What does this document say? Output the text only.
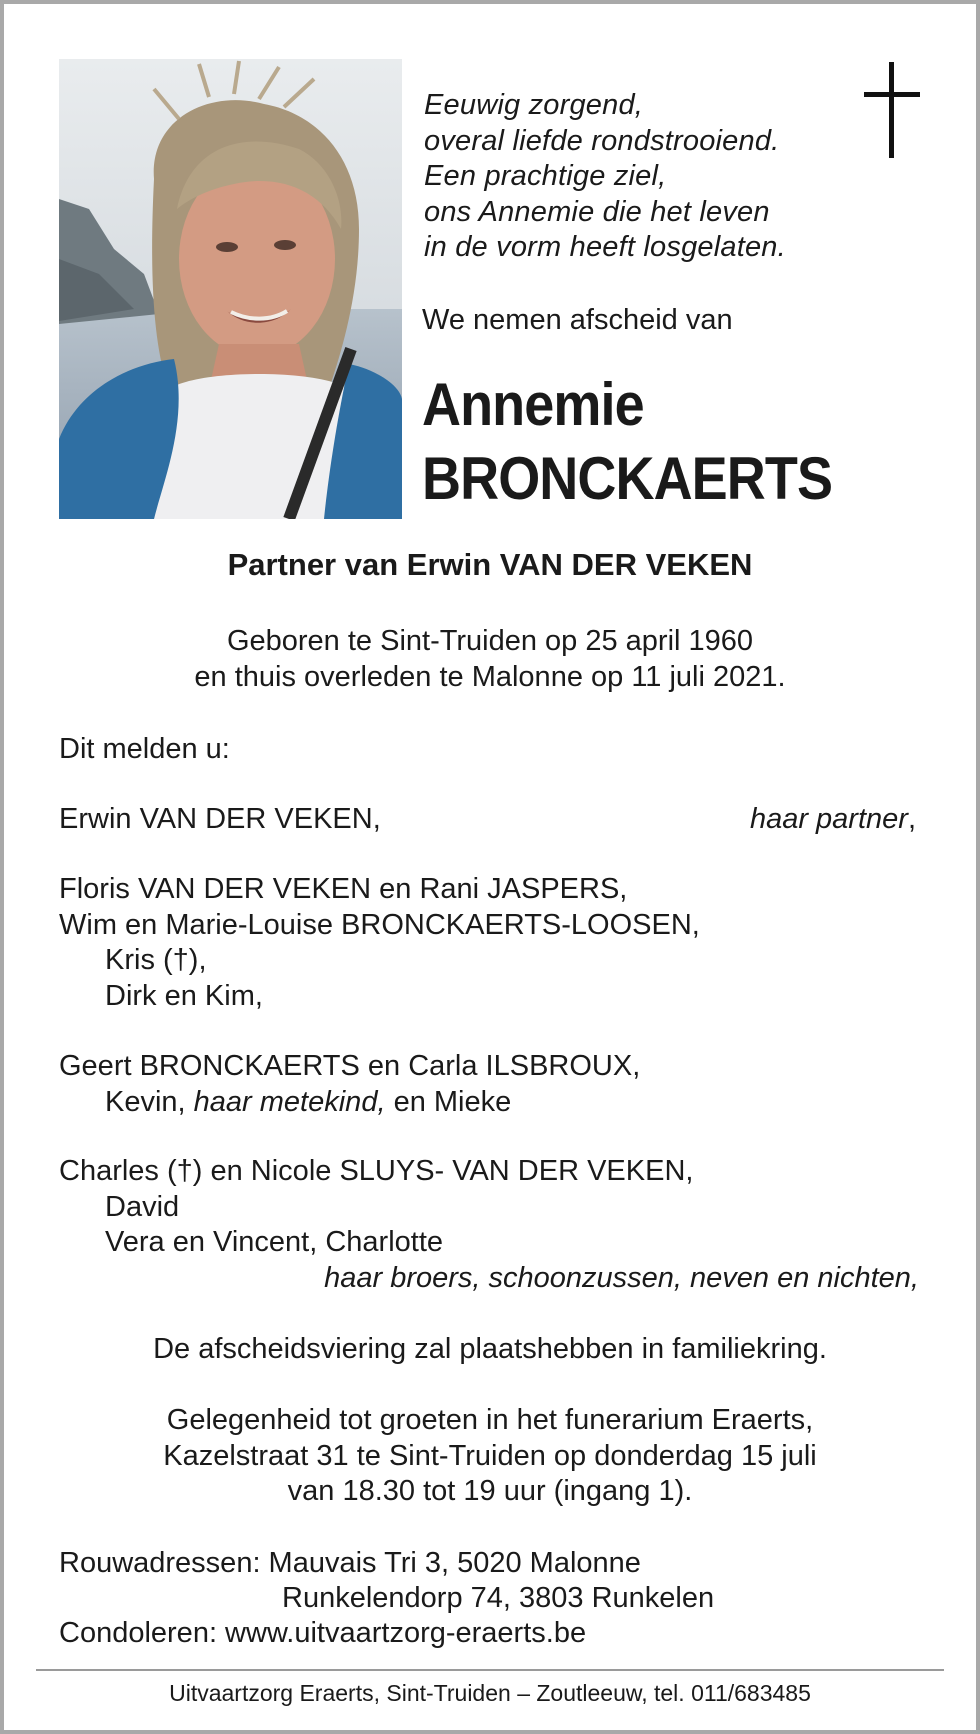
Eeuwig zorgend,
overal liefde rondstrooiend.
Een prachtige ziel,
ons Annemie die het leven
in de vorm heeft losgelaten.
We nemen afscheid van
Annemie
BRONCKAERTS
Partner van Erwin VAN DER VEKEN
Geboren te Sint-Truiden op 25 april 1960
en thuis overleden te Malonne op 11 juli 2021.
Dit melden u:
Erwin VAN DER VEKEN,	haar partner,
Floris VAN DER VEKEN en Rani JASPERS,
Wim en Marie-Louise BRONCKAERTS-LOOSEN,
Kris (†),
Dirk en Kim,
Geert BRONCKAERTS en Carla ILSBROUX,
Kevin, haar metekind, en Mieke
Charles (†) en Nicole SLUYS- VAN DER VEKEN,
David
Vera en Vincent, Charlotte
haar broers, schoonzussen, neven en nichten,
De afscheidsviering zal plaatshebben in familiekring.
Gelegenheid tot groeten in het funerarium Eraerts,
Kazelstraat 31 te Sint-Truiden op donderdag 15 juli
van 18.30 tot 19 uur (ingang 1).
Rouwadressen: Mauvais Tri 3, 5020 Malonne
Runkelendorp 74, 3803 Runkelen
Condoleren: www.uitvaartzorg-eraerts.be
Uitvaartzorg Eraerts, Sint-Truiden – Zoutleeuw, tel. 011/683485
